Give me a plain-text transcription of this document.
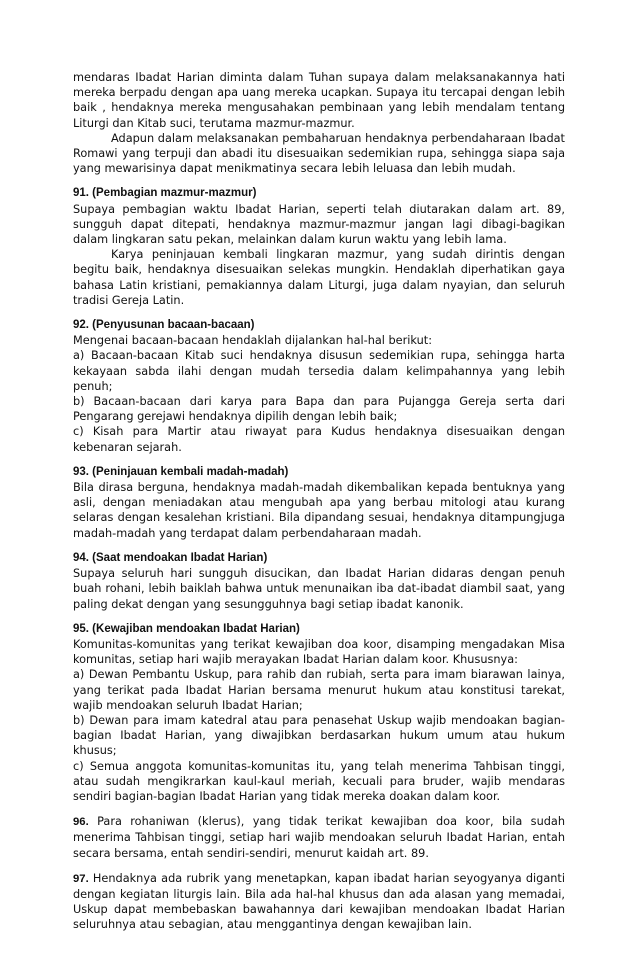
mendaras Ibadat Harian diminta dalam Tuhan supaya dalam melaksanakannya hati mereka berpadu dengan apa uang mereka ucapkan. Supaya itu tercapai dengan lebih baik , hendaknya mereka mengusahakan pembinaan yang lebih mendalam tentang Liturgi dan Kitab suci, terutama mazmur-mazmur.

Adapun dalam melaksanakan pembaharuan hendaknya perbendaharaan Ibadat Romawi yang terpuji dan abadi itu disesuaikan sedemikian rupa, sehingga siapa saja yang mewarisinya dapat menikmatinya secara lebih leluasa dan lebih mudah.

91. (Pembagian mazmur-mazmur)

Supaya pembagian waktu Ibadat Harian, seperti telah diutarakan dalam art. 89, sungguh dapat ditepati, hendaknya mazmur-mazmur jangan lagi dibagi-bagikan dalam lingkaran satu pekan, melainkan dalam kurun waktu yang lebih lama.

Karya peninjauan kembali lingkaran mazmur, yang sudah dirintis dengan begitu baik, hendaknya disesuaikan selekas mungkin. Hendaklah diperhatikan gaya bahasa Latin kristiani, pemakiannya dalam Liturgi, juga dalam nyayian, dan seluruh tradisi Gereja Latin.

92. (Penyusunan bacaan-bacaan)

Mengenai bacaan-bacaan hendaklah dijalankan hal-hal berikut:

a) Bacaan-bacaan Kitab suci hendaknya disusun sedemikian rupa, sehingga harta kekayaan sabda ilahi dengan mudah tersedia dalam kelimpahannya yang lebih penuh;

b) Bacaan-bacaan dari karya para Bapa dan para Pujangga Gereja serta dari Pengarang gerejawi hendaknya dipilih dengan lebih baik;

c) Kisah para Martir atau riwayat para Kudus hendaknya disesuaikan dengan kebenaran sejarah.

93. (Peninjauan kembali madah-madah)

Bila dirasa berguna, hendaknya madah-madah dikembalikan kepada bentuknya yang asli, dengan meniadakan atau mengubah apa yang berbau mitologi atau kurang selaras dengan kesalehan kristiani. Bila dipandang sesuai, hendaknya ditampungjuga madah-madah yang terdapat dalam perbendaharaan madah.

94. (Saat mendoakan Ibadat Harian)

Supaya seluruh hari sungguh disucikan, dan Ibadat Harian didaras dengan penuh buah rohani, lebih baiklah bahwa untuk menunaikan iba dat-ibadat diambil saat, yang paling dekat dengan yang sesungguhnya bagi setiap ibadat kanonik.

95. (Kewajiban mendoakan Ibadat Harian)

Komunitas-komunitas yang terikat kewajiban doa koor, disamping mengadakan Misa komunitas, setiap hari wajib merayakan Ibadat Harian dalam koor. Khususnya:

a) Dewan Pembantu Uskup, para rahib dan rubiah, serta para imam biarawan lainya, yang terikat pada Ibadat Harian bersama menurut hukum atau konstitusi tarekat, wajib mendoakan seluruh Ibadat Harian;

b) Dewan para imam katedral atau para penasehat Uskup wajib mendoakan bagian-bagian Ibadat Harian, yang diwajibkan berdasarkan hukum umum atau hukum khusus;

c) Semua anggota komunitas-komunitas itu, yang telah menerima Tahbisan tinggi, atau sudah mengikrarkan kaul-kaul meriah, kecuali para bruder, wajib mendaras sendiri bagian-bagian Ibadat Harian yang tidak mereka doakan dalam koor.

96. Para rohaniwan (klerus), yang tidak terikat kewajiban doa koor, bila sudah menerima Tahbisan tinggi, setiap hari wajib mendoakan seluruh Ibadat Harian, entah secara bersama, entah sendiri-sendiri, menurut kaidah art. 89.

97. Hendaknya ada rubrik yang menetapkan, kapan ibadat harian seyogyanya diganti dengan kegiatan liturgis lain. Bila ada hal-hal khusus dan ada alasan yang memadai, Uskup dapat membebaskan bawahannya dari kewajiban mendoakan Ibadat Harian seluruhnya atau sebagian, atau menggantinya dengan kewajiban lain.
